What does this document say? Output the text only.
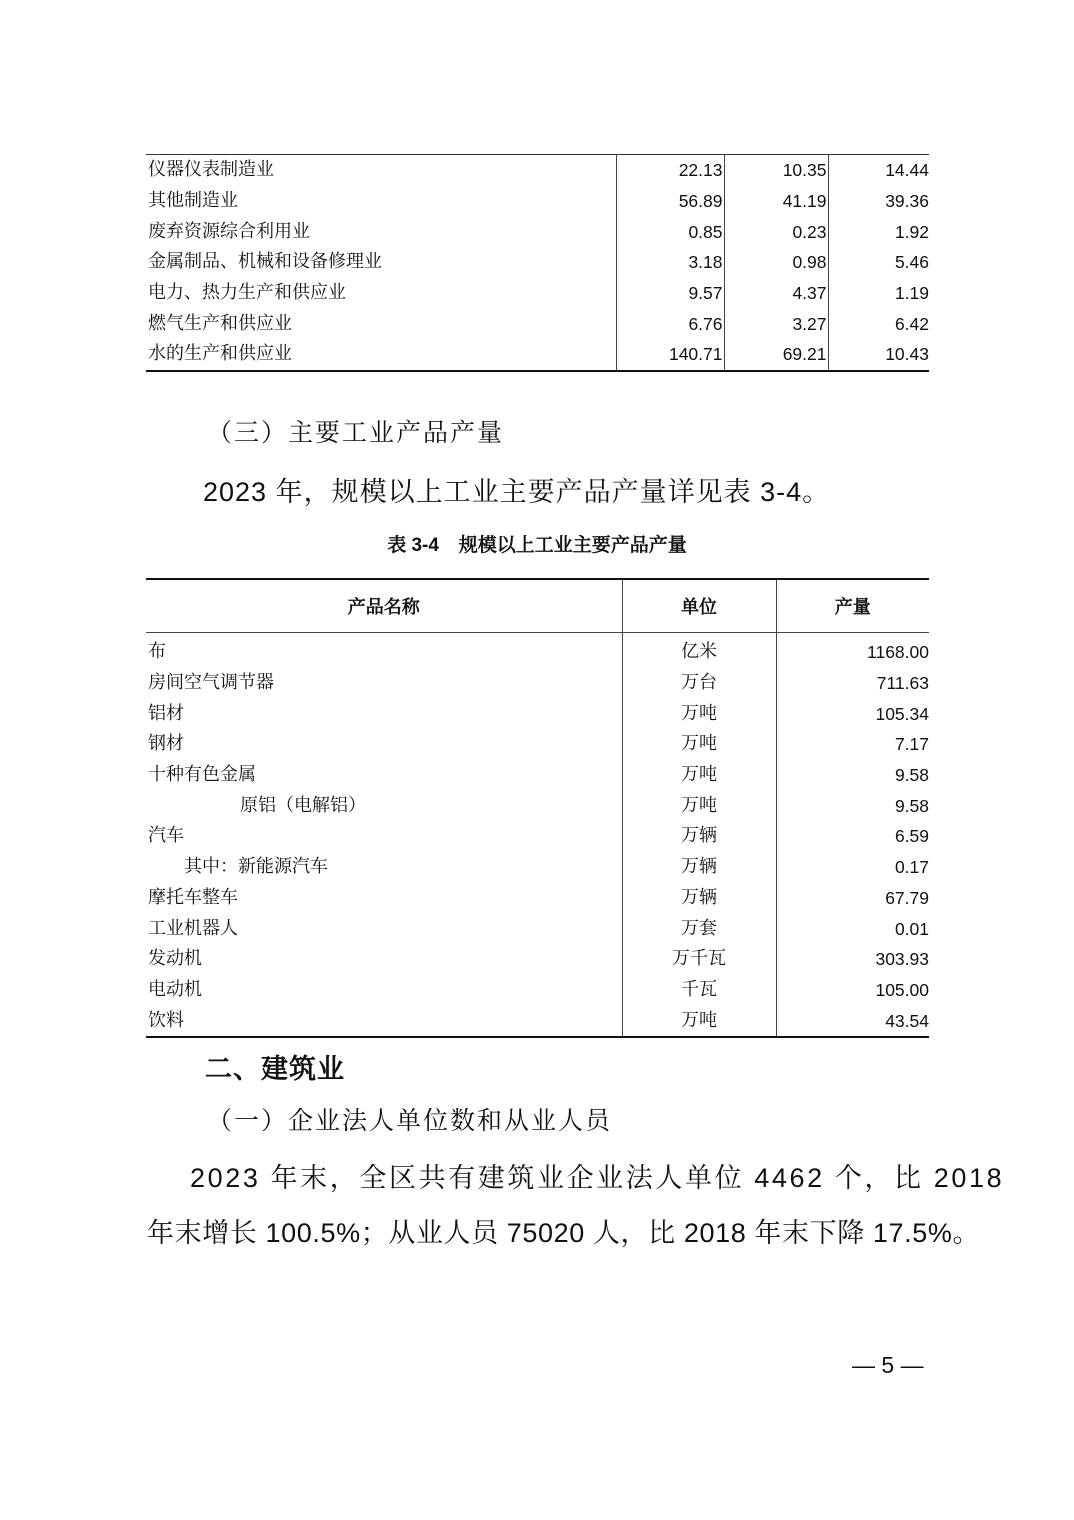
仪器仪表制造业	22.13	10.35	14.44
其他制造业	56.89	41.19	39.36
废弃资源综合利用业	0.85	0.23	1.92
金属制品、机械和设备修理业	3.18	0.98	5.46
电力、热力生产和供应业	9.57	4.37	1.19
燃气生产和供应业	6.76	3.27	6.42
水的生产和供应业	140.71	69.21	10.43
（三）主要工业产品产量
2023 年，规模以上工业主要产品产量详见表 3-4。
表 3-4 规模以上工业主要产品产量
产品名称	单位	产量
布	亿米	1168.00
房间空气调节器	万台	711.63
铝材	万吨	105.34
钢材	万吨	7.17
十种有色金属	万吨	9.58
原铝（电解铝）	万吨	9.58
汽车	万辆	6.59
其中：新能源汽车	万辆	0.17
摩托车整车	万辆	67.79
工业机器人	万套	0.01
发动机	万千瓦	303.93
电动机	千瓦	105.00
饮料	万吨	43.54
二、建筑业
（一）企业法人单位数和从业人员
2023 年末，全区共有建筑业企业法人单位 4462 个，比 2018
年末增长 100.5%；从业人员 75020 人，比 2018 年末下降 17.5%。
— 5 —
